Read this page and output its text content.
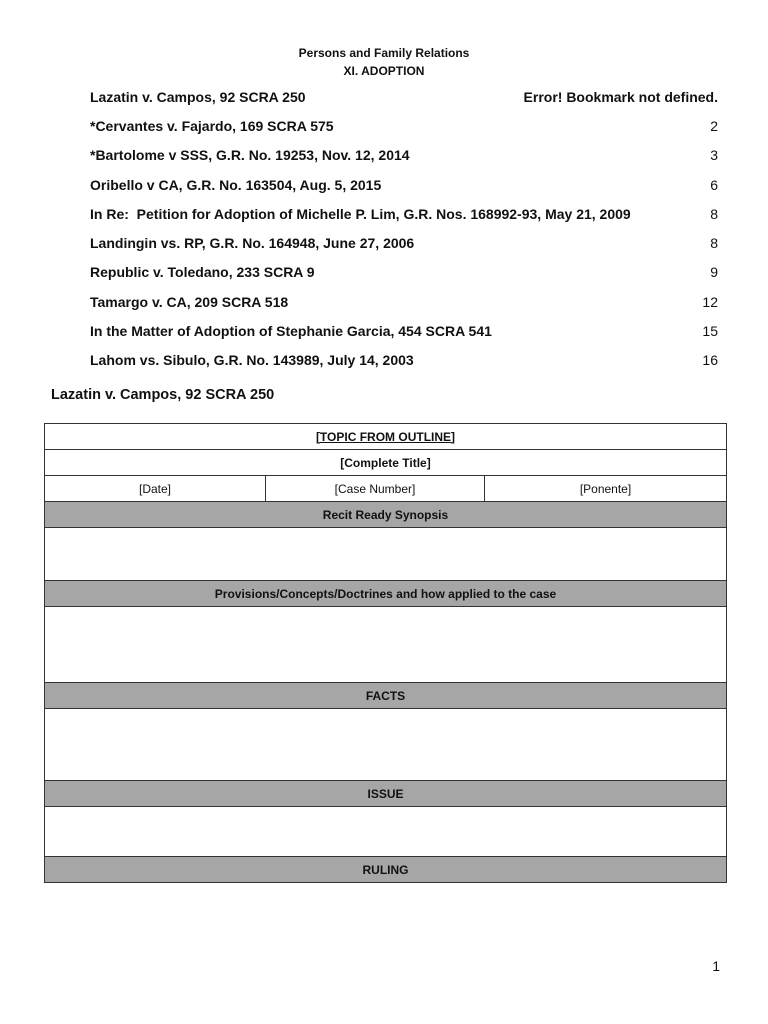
Persons and Family Relations
XI. ADOPTION
Lazatin v. Campos, 92 SCRA 250	Error! Bookmark not defined.
*Cervantes v. Fajardo, 169 SCRA 575	2
*Bartolome v SSS, G.R. No. 19253, Nov. 12, 2014	3
Oribello v CA, G.R. No. 163504, Aug. 5, 2015	6
In Re:  Petition for Adoption of Michelle P. Lim, G.R. Nos. 168992-93, May 21, 2009	8
Landingin vs. RP, G.R. No. 164948, June 27, 2006	8
Republic v. Toledano, 233 SCRA 9	9
Tamargo v. CA, 209 SCRA 518	12
In the Matter of Adoption of Stephanie Garcia, 454 SCRA 541	15
Lahom vs. Sibulo, G.R. No. 143989, July 14, 2003	16
Lazatin v. Campos, 92 SCRA 250
[TOPIC FROM OUTLINE]
[Complete Title]
[Date]	[Case Number]	[Ponente]
Recit Ready Synopsis

Provisions/Concepts/Doctrines and how applied to the case

FACTS

ISSUE

RULING
1
